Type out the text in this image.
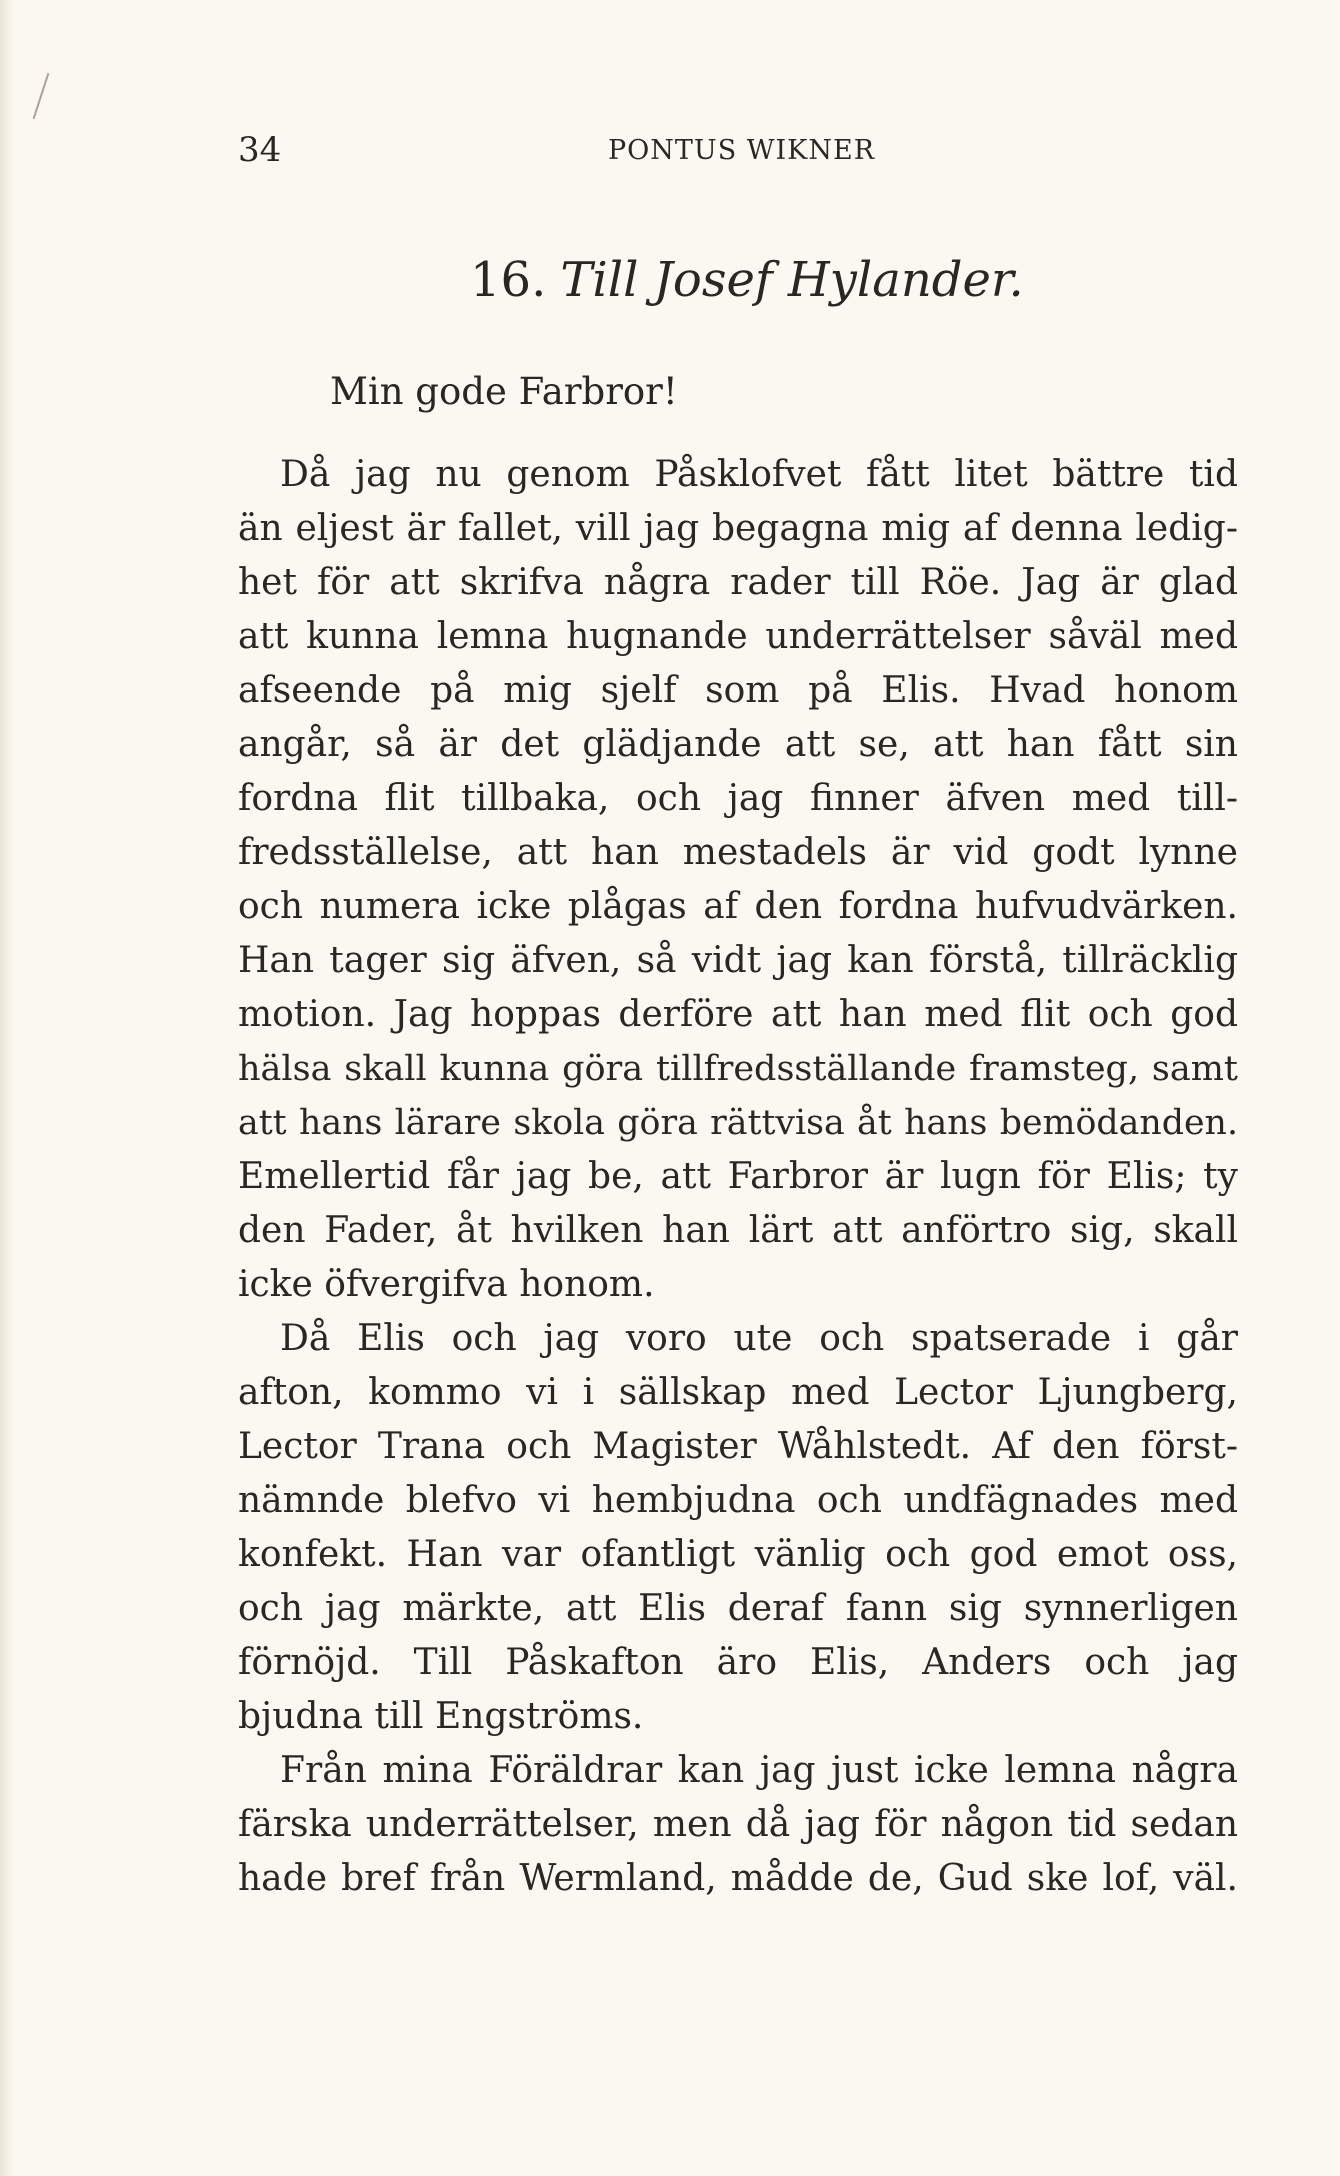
34	PONTUS WIKNER
16. Till Josef Hylander.
Min gode Farbror!
Då jag nu genom Påsklofvet fått litet bättre tid
än eljest är fallet, vill jag begagna mig af denna ledig-
het för att skrifva några rader till Röe. Jag är glad
att kunna lemna hugnande underrättelser såväl med
afseende på mig sjelf som på Elis. Hvad honom
angår, så är det glädjande att se, att han fått sin
fordna flit tillbaka, och jag finner äfven med till-
fredsställelse, att han mestadels är vid godt lynne
och numera icke plågas af den fordna hufvudvärken.
Han tager sig äfven, så vidt jag kan förstå, tillräcklig
motion. Jag hoppas derföre att han med flit och god
hälsa skall kunna göra tillfredsställande framsteg, samt
att hans lärare skola göra rättvisa åt hans bemödanden.
Emellertid får jag be, att Farbror är lugn för Elis; ty
den Fader, åt hvilken han lärt att anförtro sig, skall
icke öfvergifva honom.
Då Elis och jag voro ute och spatserade i går
afton, kommo vi i sällskap med Lector Ljungberg,
Lector Trana och Magister Wåhlstedt. Af den först-
nämnde blefvo vi hembjudna och undfägnades med
konfekt. Han var ofantligt vänlig och god emot oss,
och jag märkte, att Elis deraf fann sig synnerligen
förnöjd. Till Påskafton äro Elis, Anders och jag
bjudna till Engströms.
Från mina Föräldrar kan jag just icke lemna några
färska underrättelser, men då jag för någon tid sedan
hade bref från Wermland, mådde de, Gud ske lof, väl.
